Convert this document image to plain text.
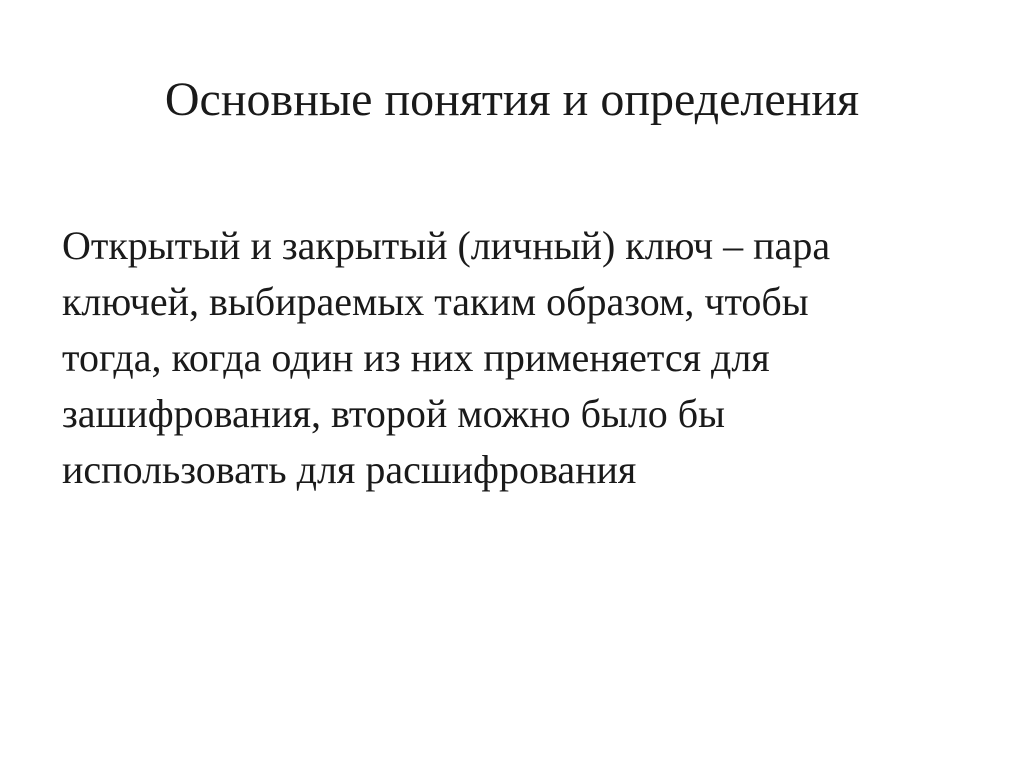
Основные понятия и определения
Открытый и закрытый (личный) ключ – пара
ключей, выбираемых таким образом, чтобы
тогда, когда один из них применяется для
зашифрования, второй можно было бы
использовать для расшифрования
